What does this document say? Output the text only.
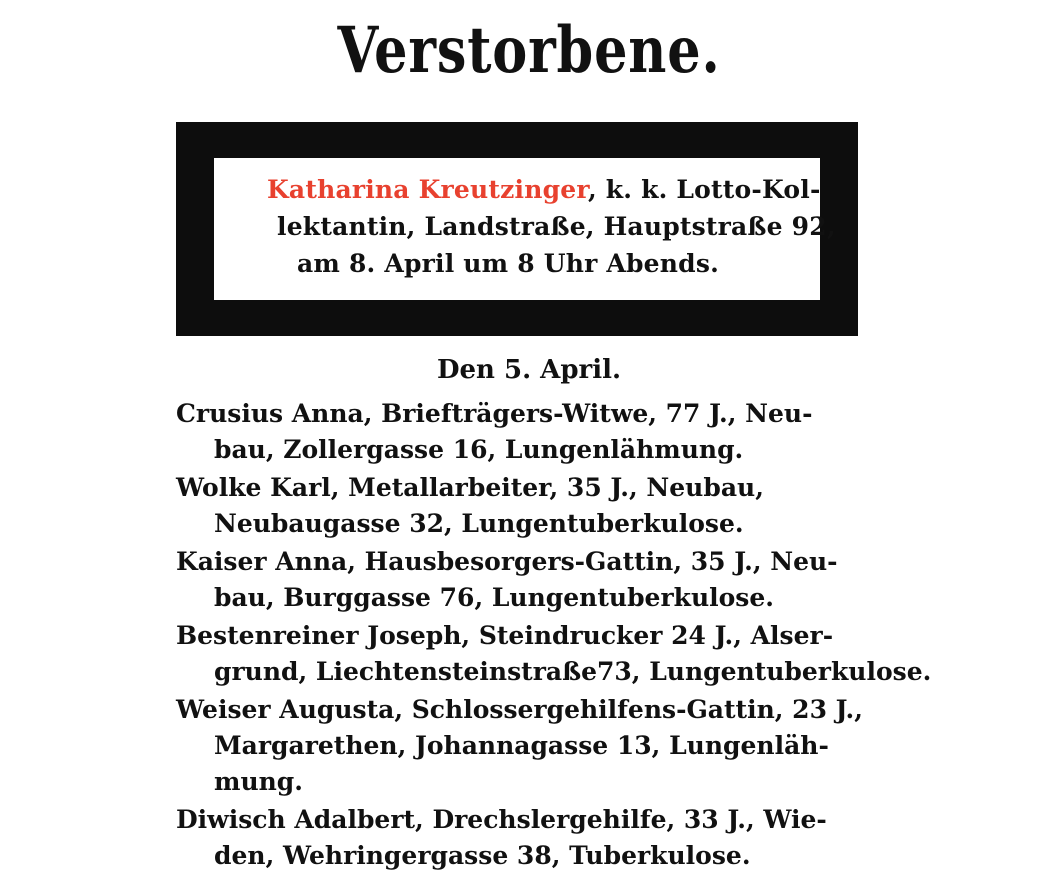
Verstorbene.
Katharina Kreutzinger, k. k. Lotto-Kol-
lektantin, Landstraße, Hauptstraße 92,
am 8. April um 8 Uhr Abends.
Den 5. April.
Crusius Anna, Briefträgers-Witwe, 77 J., Neu-
bau, Zollergasse 16, Lungenlähmung.
Wolke Karl, Metallarbeiter, 35 J., Neubau,
Neubaugasse 32, Lungentuberkulose.
Kaiser Anna, Hausbesorgers-Gattin, 35 J., Neu-
bau, Burggasse 76, Lungentuberkulose.
Bestenreiner Joseph, Steindrucker 24 J., Alser-
grund, Liechtensteinstraße73, Lungentuberkulose.
Weiser Augusta, Schlossergehilfens-Gattin, 23 J.,
Margarethen, Johannagasse 13, Lungenläh-
mung.
Diwisch Adalbert, Drechslergehilfe, 33 J., Wie-
den, Wehringergasse 38, Tuberkulose.
